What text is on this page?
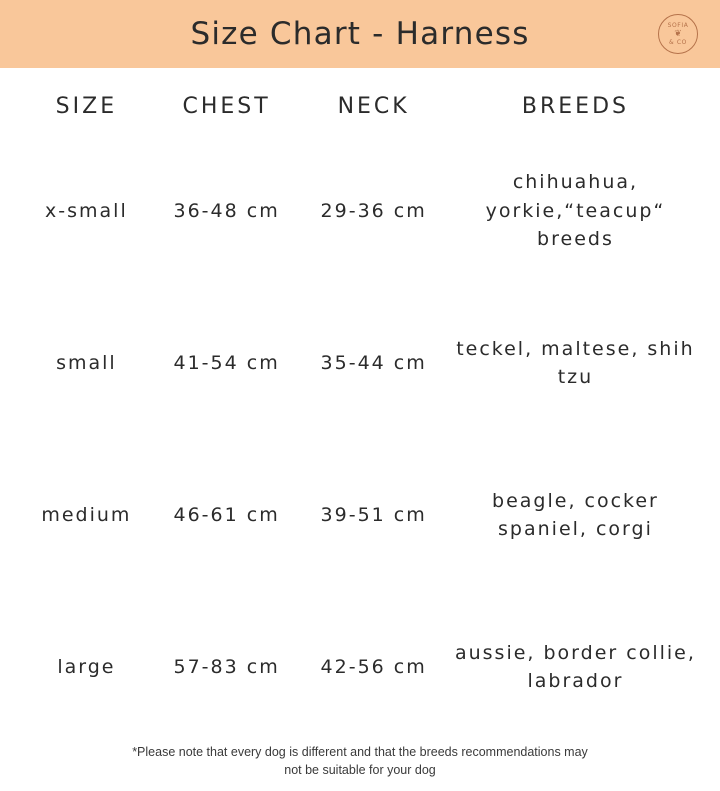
Size Chart - Harness	SOFIA
❦
& CO
SIZE	CHEST	NECK	BREEDS
x-small	36-48 cm	29-36 cm	chihuahua, yorkie,“teacup“ breeds
small	41-54 cm	35-44 cm	teckel, maltese, shih tzu
medium	46-61 cm	39-51 cm	beagle, cocker spaniel, corgi
large	57-83 cm	42-56 cm	aussie, border collie, labrador
*Please note that every dog is different and that the breeds recommendations may
not be suitable for your dog
